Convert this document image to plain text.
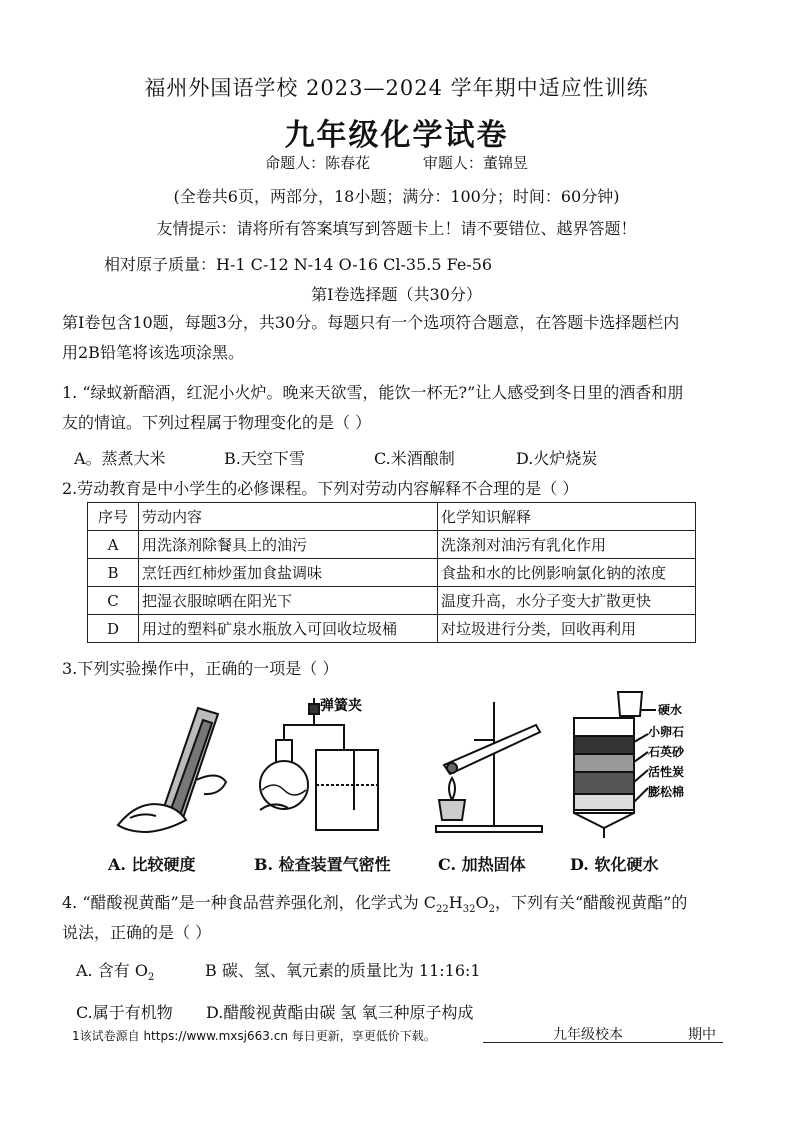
福州外国语学校 2023—2024 学年期中适应性训练
九年级化学试卷
命题人：陈春花	审题人：董锦昱
(全卷共6页，两部分，18小题；满分：100分；时间：60分钟)
友情提示：请将所有答案填写到答题卡上！请不要错位、越界答题！
相对原子质量：H-1 C-12 N-14 O-16 Cl-35.5 Fe-56
第Ⅰ卷选择题（共30分）
第Ⅰ卷包含10题，每题3分，共30分。每题只有一个选项符合题意，在答题卡选择题栏内
用2B铅笔将该选项涂黑。
1. “绿蚁新醅酒，红泥小火炉。晚来天欲雪，能饮一杯无?”让人感受到冬日里的酒香和朋
友的情谊。下列过程属于物理变化的是（ ）
A。蒸煮大米	B.天空下雪	C.米酒酿制	D.火炉烧炭
2.劳动教育是中小学生的必修课程。下列对劳动内容解释不合理的是（ ）
序号	劳动内容	化学知识解释
A	用洗涤剂除餐具上的油污	洗涤剂对油污有乳化作用
B	烹饪西红柿炒蛋加食盐调味	食盐和水的比例影响氯化钠的浓度
C	把湿衣服晾晒在阳光下	温度升高，水分子变大扩散更快
D	用过的塑料矿泉水瓶放入可回收垃圾桶	对垃圾进行分类，回收再利用
3.下列实验操作中，正确的一项是（ ）
弹簧夹	硬水
小卵石
石英砂
活性炭
膨松棉
A. 比较硬度	B. 检查装置气密性	C. 加热固体	D. 软化硬水
4. “醋酸视黄酯”是一种食品营养强化剂，化学式为 $C_{22}H_{32}O_2$，下列有关“醋酸视黄酯”的
说法，正确的是（ ）
A. 含有 $O_2$	B 碳、氢、氧元素的质量比为 11:16:1
C.属于有机物 D.醋酸视黄酯由碳 氢 氧三种原子构成
1该试卷源自 https://www.mxsj663.cn 每日更新，享更低价下载。	九年级校本	期中
